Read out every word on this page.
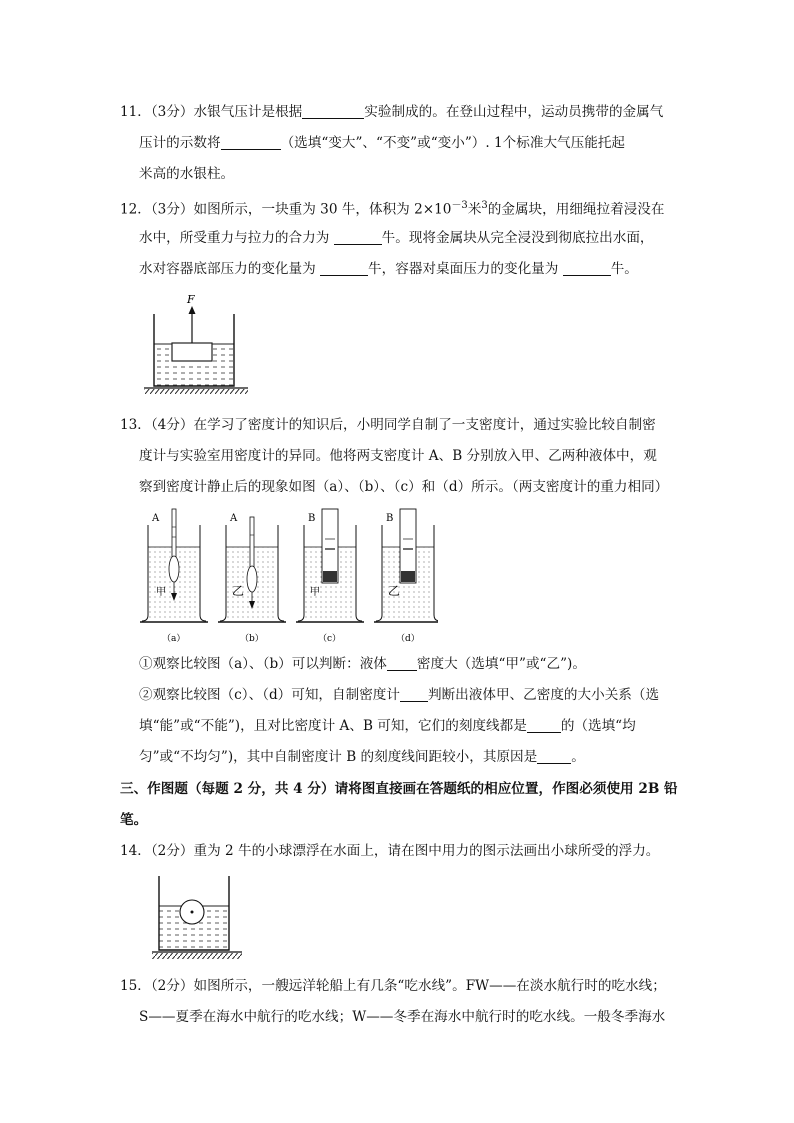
11．（3分）水银气压计是根据	实验制成的。在登山过程中，运动员携带的金属气
压计的示数将	（选填“变大”、“不变”或“变小”）. 1个标准大气压能托起
米高的水银柱。
12．（3分）如图所示，一块重为 30 牛，体积为 $2\times 10^{-3}$米$^3$的金属块，用细绳拉着浸没在
水中，所受重力与拉力的合力为	牛。现将金属块从完全浸没到彻底拉出水面，
水对容器底部压力的变化量为	牛，容器对桌面压力的变化量为	牛。
F
13．（4分）在学习了密度计的知识后，小明同学自制了一支密度计，通过实验比较自制密
度计与实验室用密度计的异同。他将两支密度计 A、B 分别放入甲、乙两种液体中，观
察到密度计静止后的现象如图（a）、（b）、（c）和（d）所示。（两支密度计的重力相同）
A
甲
（a）
A
乙
（b）
B
甲
（c）
B
乙
（d）
①观察比较图（a）、（b）可以判断：液体 密度大（选填“甲”或“乙”)。
②观察比较图（c）、（d）可知，自制密度计 判断出液体甲、乙密度的大小关系（选
填“能”或“不能”)，且对比密度计 A、B 可知，它们的刻度线都是	的（选填“均
匀”或“不均匀”)，其中自制密度计 B 的刻度线间距较小，其原因是	。
三、作图题（每题 2 分，共 4 分）请将图直接画在答题纸的相应位置，作图必须使用 2B 铅
笔。
14．（2分）重为 2 牛的小球漂浮在水面上，请在图中用力的图示法画出小球所受的浮力。
15．（2分）如图所示，一艘远洋轮船上有几条“吃水线”。FW——在淡水航行时的吃水线；
S——夏季在海水中航行的吃水线；W——冬季在海水中航行时的吃水线。一般冬季海水
